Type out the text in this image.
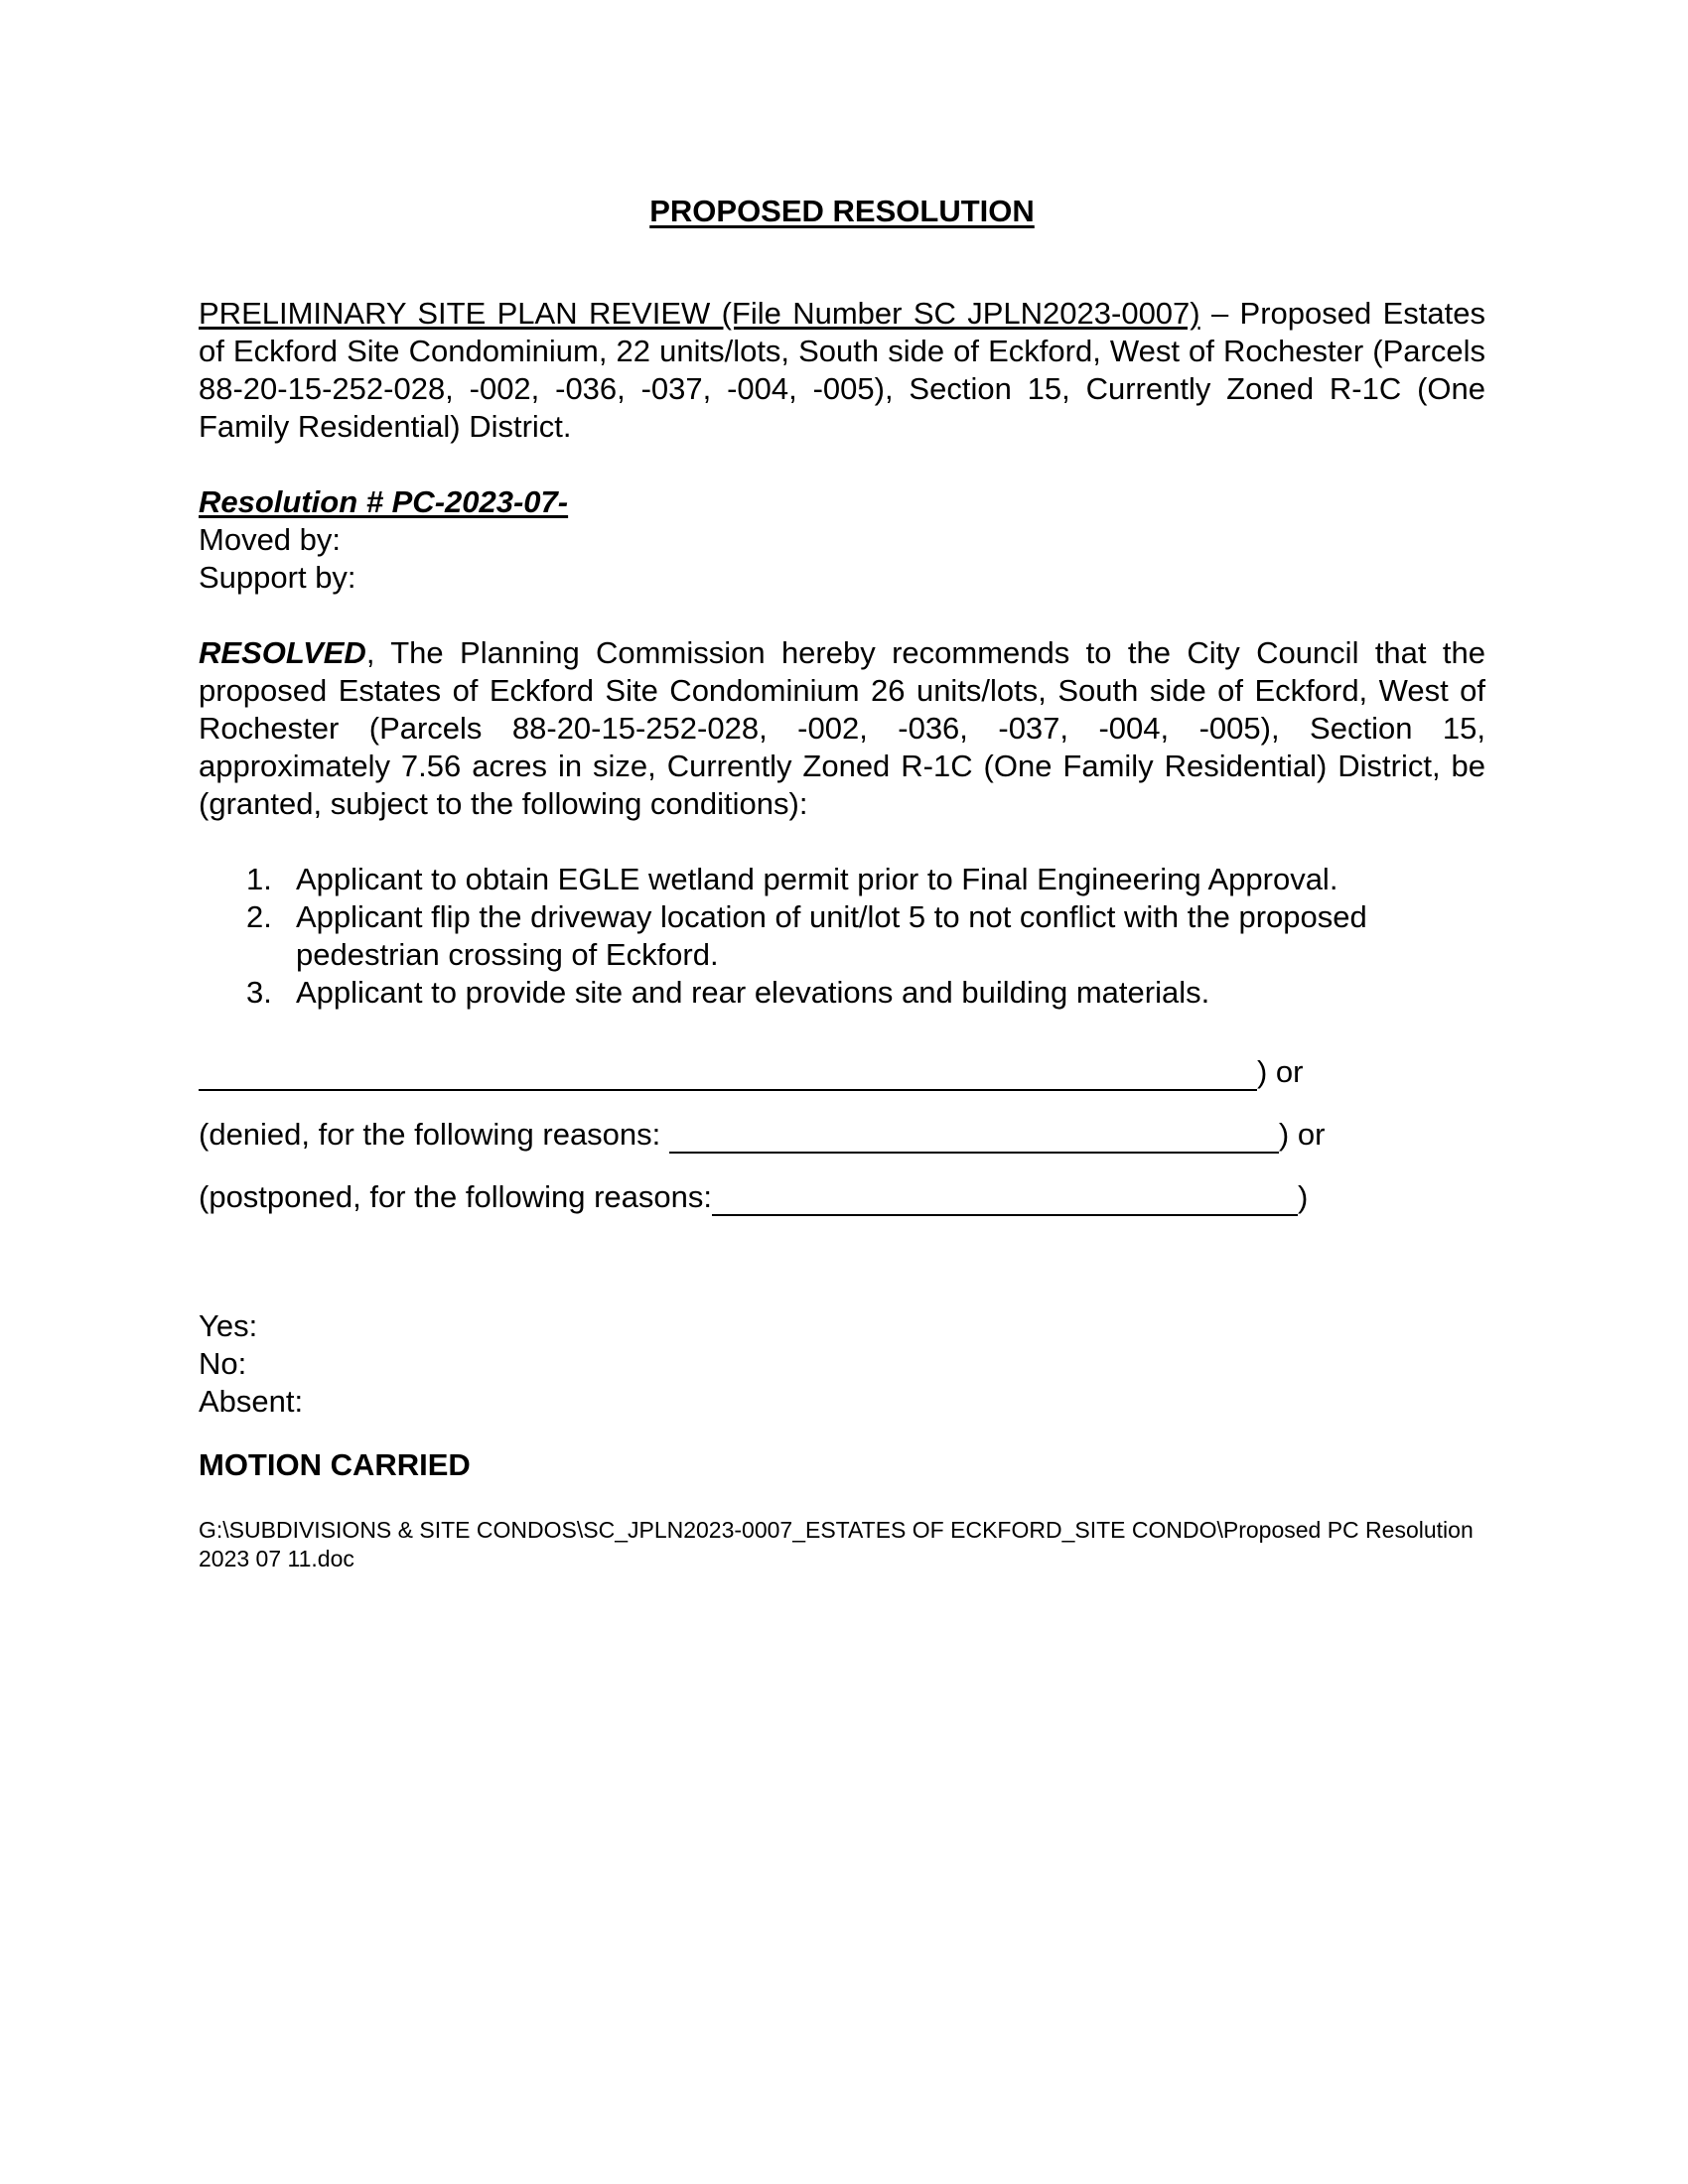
PROPOSED RESOLUTION
PRELIMINARY SITE PLAN REVIEW (File Number SC JPLN2023-0007) – Proposed Estates of Eckford Site Condominium, 22 units/lots, South side of Eckford, West of Rochester (Parcels 88-20-15-252-028, -002, -036, -037, -004, -005), Section 15, Currently Zoned R-1C (One Family Residential) District.
Resolution # PC-2023-07-
Moved by:
Support by:
RESOLVED, The Planning Commission hereby recommends to the City Council that the proposed Estates of Eckford Site Condominium 26 units/lots, South side of Eckford, West of Rochester (Parcels 88-20-15-252-028, -002, -036, -037, -004, -005), Section 15, approximately 7.56 acres in size, Currently Zoned R-1C (One Family Residential) District, be (granted, subject to the following conditions):
1. Applicant to obtain EGLE wetland permit prior to Final Engineering Approval.
2. Applicant flip the driveway location of unit/lot 5 to not conflict with the proposed pedestrian crossing of Eckford.
3. Applicant to provide site and rear elevations and building materials.
) or
(denied, for the following reasons:	) or
(postponed, for the following reasons:	)
Yes:
No:
Absent:
MOTION CARRIED
G:\SUBDIVISIONS & SITE CONDOS\SC_JPLN2023-0007_ESTATES OF ECKFORD_SITE CONDO\Proposed PC Resolution 2023 07 11.doc
